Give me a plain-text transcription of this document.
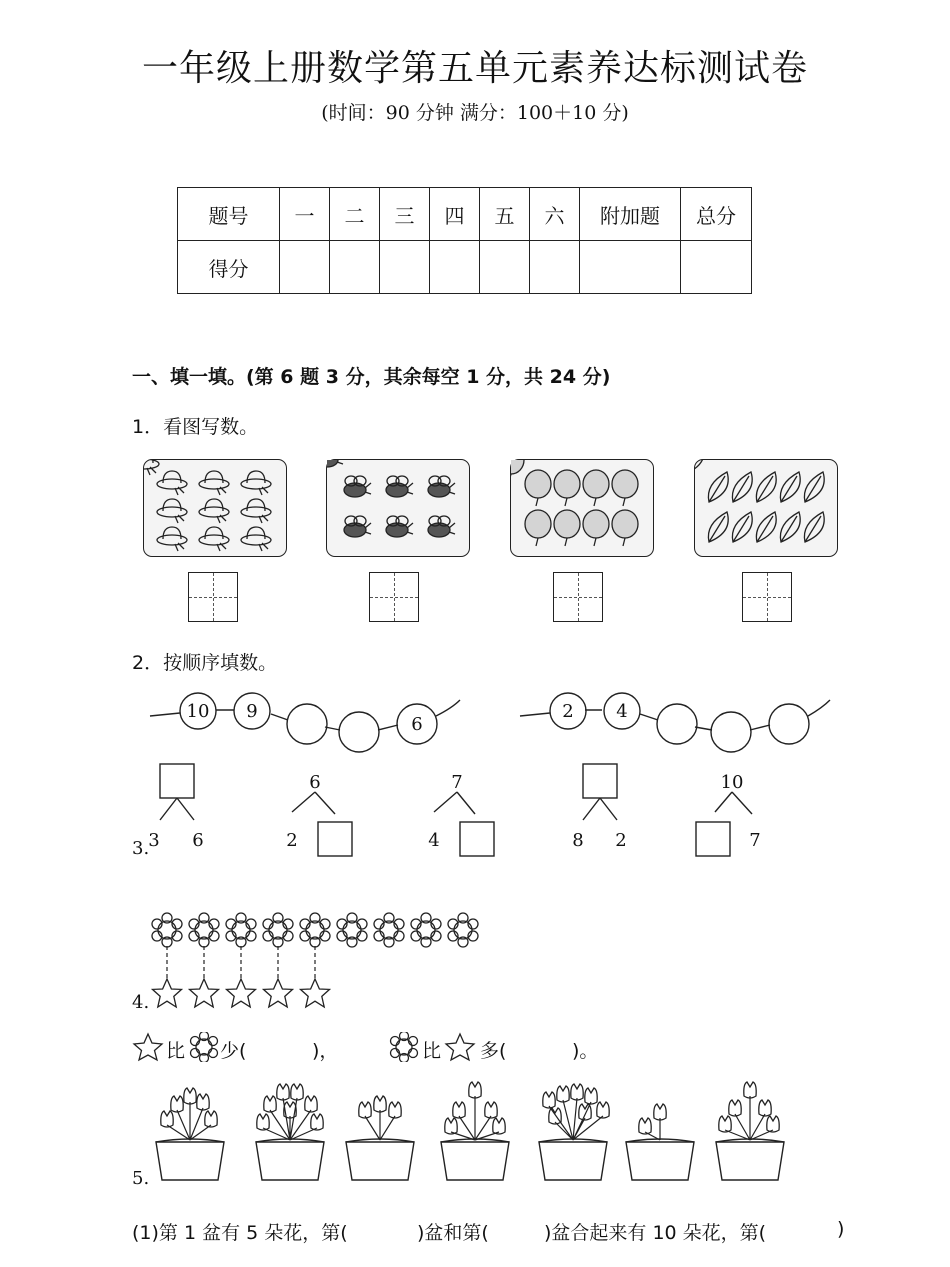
一年级上册数学第五单元素养达标测试卷
(时间：90 分钟 满分：100＋10 分)
题号	一	二	三	四	五	六	附加题	总分
得分								
一、填一填。(第 6 题 3 分，其余每空 1 分，共 24 分)
1．看图写数。
2．按顺序填数。
10 9
6
2 4
3 6
6
2
7
4	8 2
10
7
3.
4.
比 少(	)，	比 多(	)。
5.
(1)第 1 盆有 5 朵花，第(	)盆和第(	)盆合起来有 10 朵花，第(	)
